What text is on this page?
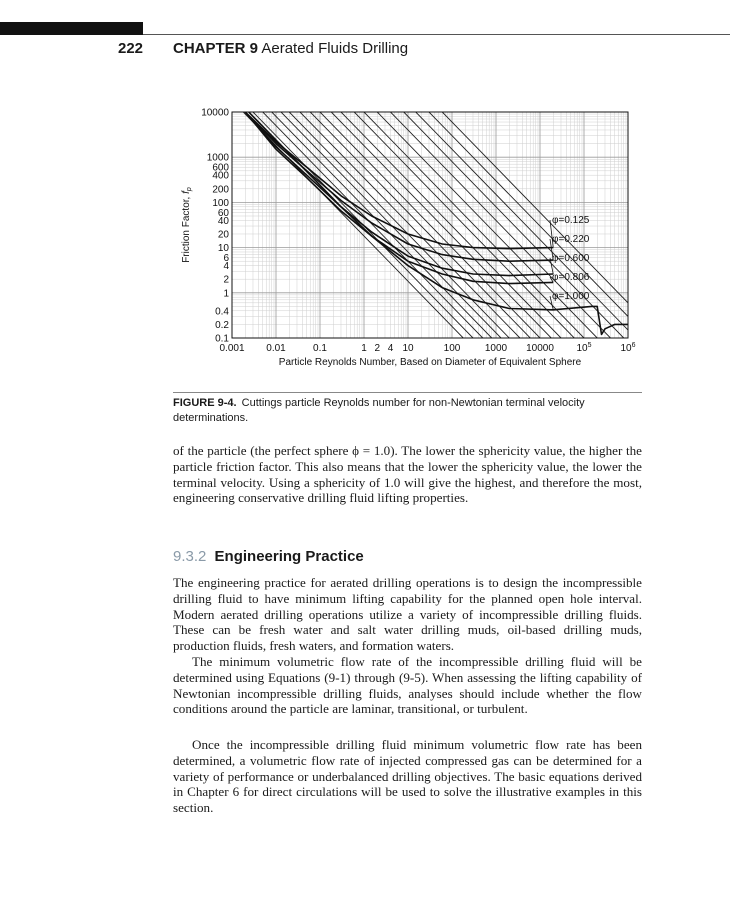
222 CHAPTER 9 Aerated Fluids Drilling
10000
1000
600
400
200
100
60
40
20
10
6
4
2
1
0.4
0.2
0.1
0.001 0.01	0.1	1 2 4 10	100 1000 10000 $10^5$	$10^6$
φ=0.125
φ=0.220
φ=0.600
φ=0.806
φ=1.000
Particle Reynolds Number, Based on Diameter of Equivalent Sphere
Friction Factor, $f_p$
FIGURE 9-4. Cuttings particle Reynolds number for non-Newtonian terminal velocity determinations.

of the particle (the perfect sphere ϕ = 1.0). The lower the sphericity value, the higher the particle friction factor. This also means that the lower the sphericity value, the lower the terminal velocity. Using a sphericity of 1.0 will give the highest, and therefore the most, engineering conservative drilling fluid lifting properties.

9.3.2 Engineering Practice

The engineering practice for aerated drilling operations is to design the incompressible drilling fluid to have minimum lifting capability for the planned open hole interval. Modern aerated drilling operations utilize a variety of incompressible drilling fluids. These can be fresh water and salt water drilling muds, oil-based drilling muds, production fluids, fresh waters, and formation waters.

The minimum volumetric flow rate of the incompressible drilling fluid will be determined using Equations (9-1) through (9-5). When assessing the lifting capability of Newtonian incompressible drilling fluids, analyses should include whether the flow conditions around the particle are laminar, transitional, or turbulent.

Once the incompressible drilling fluid minimum volumetric flow rate has been determined, a volumetric flow rate of injected compressed gas can be determined for a variety of performance or underbalanced drilling objectives. The basic equations derived in Chapter 6 for direct circulations will be used to solve the illustrative examples in this section.
